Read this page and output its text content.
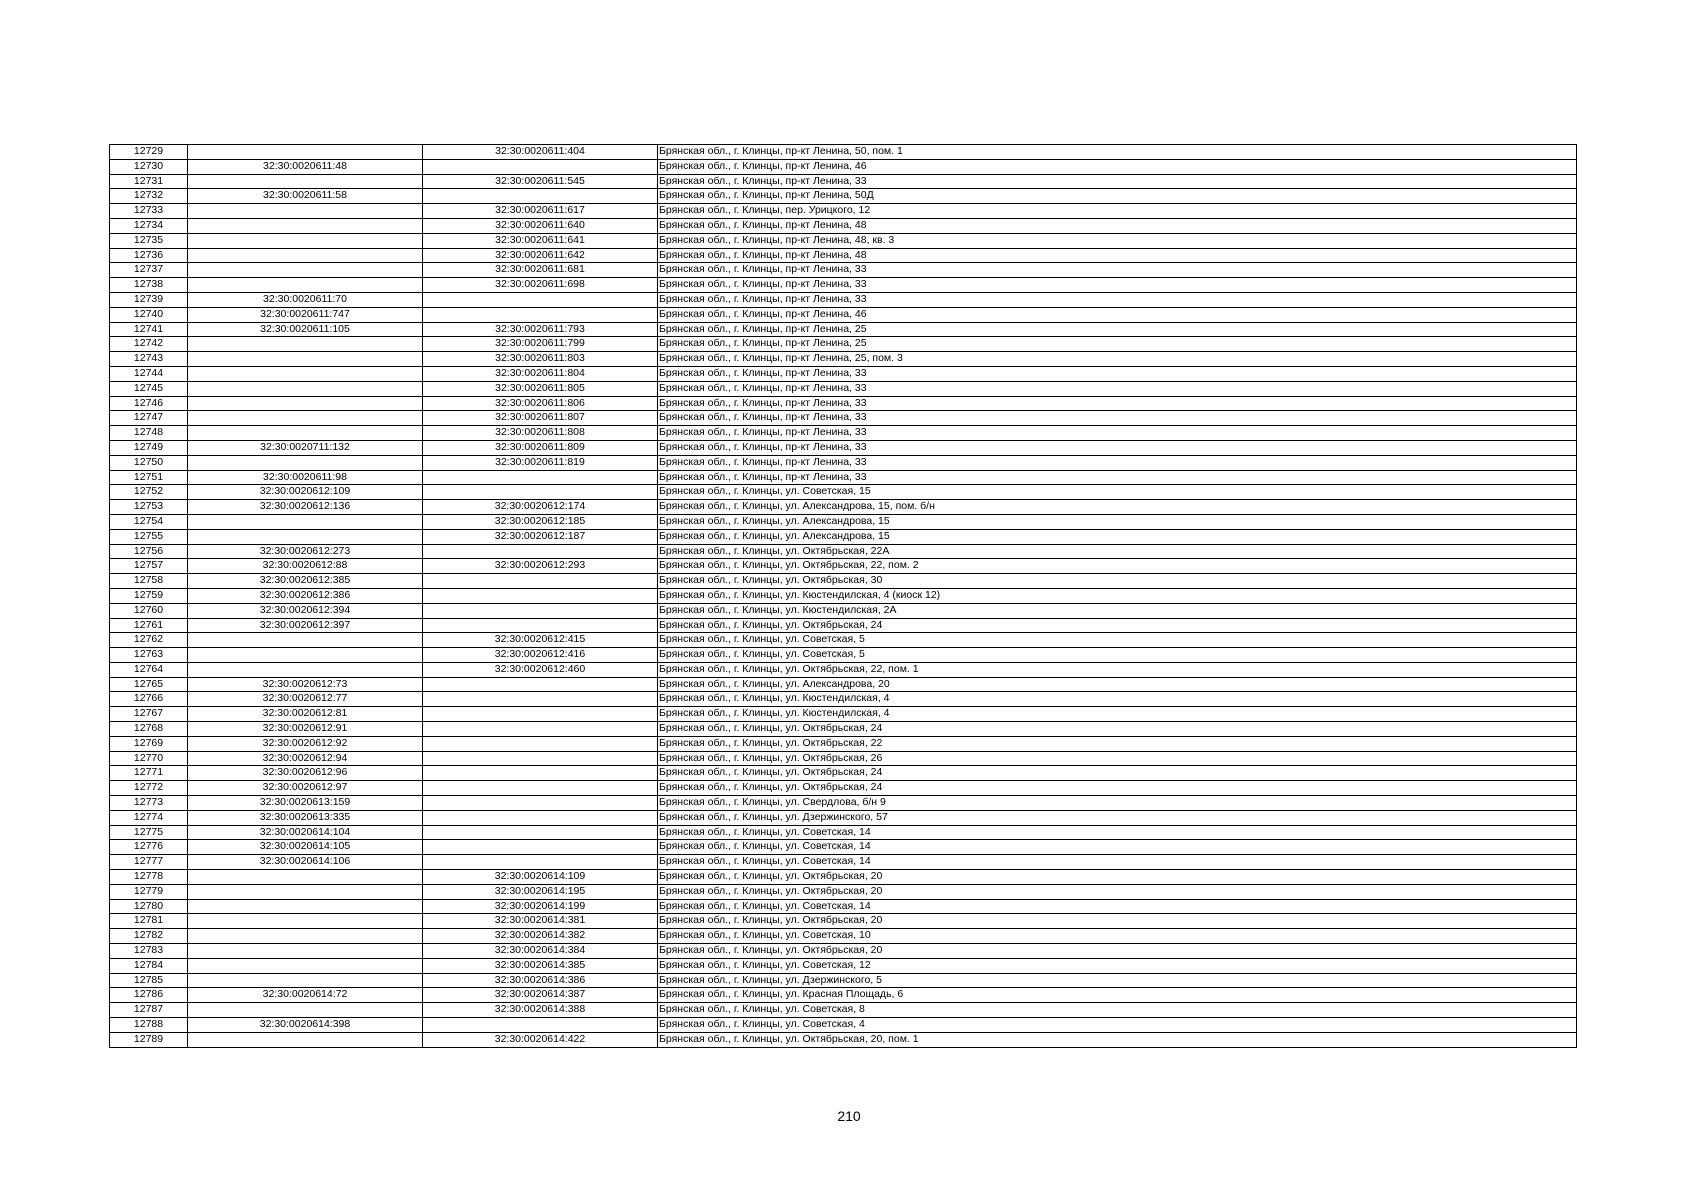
12729		32:30:0020611:404	Брянская обл., г. Клинцы, пр-кт Ленина, 50, пом. 1
12730	32:30:0020611:48		Брянская обл., г. Клинцы, пр-кт Ленина, 46
12731		32:30:0020611:545	Брянская обл., г. Клинцы, пр-кт Ленина, 33
12732	32:30:0020611:58		Брянская обл., г. Клинцы, пр-кт Ленина, 50Д
12733		32:30:0020611:617	Брянская обл., г. Клинцы, пер. Урицкого, 12
12734		32:30:0020611:640	Брянская обл., г. Клинцы, пр-кт Ленина, 48
12735		32:30:0020611:641	Брянская обл., г. Клинцы, пр-кт Ленина, 48, кв. 3
12736		32:30:0020611:642	Брянская обл., г. Клинцы, пр-кт Ленина, 48
12737		32:30:0020611:681	Брянская обл., г. Клинцы, пр-кт Ленина, 33
12738		32:30:0020611:698	Брянская обл., г. Клинцы, пр-кт Ленина, 33
12739	32:30:0020611:70		Брянская обл., г. Клинцы, пр-кт Ленина, 33
12740	32:30:0020611:747		Брянская обл., г. Клинцы, пр-кт Ленина, 46
12741	32:30:0020611:105	32:30:0020611:793	Брянская обл., г. Клинцы, пр-кт Ленина, 25
12742		32:30:0020611:799	Брянская обл., г. Клинцы, пр-кт Ленина, 25
12743		32:30:0020611:803	Брянская обл., г. Клинцы, пр-кт Ленина, 25, пом. 3
12744		32:30:0020611:804	Брянская обл., г. Клинцы, пр-кт Ленина, 33
12745		32:30:0020611:805	Брянская обл., г. Клинцы, пр-кт Ленина, 33
12746		32:30:0020611:806	Брянская обл., г. Клинцы, пр-кт Ленина, 33
12747		32:30:0020611:807	Брянская обл., г. Клинцы, пр-кт Ленина, 33
12748		32:30:0020611:808	Брянская обл., г. Клинцы, пр-кт Ленина, 33
12749	32:30:0020711:132	32:30:0020611:809	Брянская обл., г. Клинцы, пр-кт Ленина, 33
12750		32:30:0020611:819	Брянская обл., г. Клинцы, пр-кт Ленина, 33
12751	32:30:0020611:98		Брянская обл., г. Клинцы, пр-кт Ленина, 33
12752	32:30:0020612:109		Брянская обл., г. Клинцы, ул. Советская, 15
12753	32:30:0020612:136	32:30:0020612:174	Брянская обл., г. Клинцы, ул. Александрова, 15, пом. б/н
12754		32:30:0020612:185	Брянская обл., г. Клинцы, ул. Александрова, 15
12755		32:30:0020612:187	Брянская обл., г. Клинцы, ул. Александрова, 15
12756	32:30:0020612:273		Брянская обл., г. Клинцы, ул. Октябрьская, 22А
12757	32:30:0020612:88	32:30:0020612:293	Брянская обл., г. Клинцы, ул. Октябрьская, 22, пом. 2
12758	32:30:0020612:385		Брянская обл., г. Клинцы, ул. Октябрьская, 30
12759	32:30:0020612:386		Брянская обл., г. Клинцы, ул. Кюстендилская, 4 (киоск 12)
12760	32:30:0020612:394		Брянская обл., г. Клинцы, ул. Кюстендилская, 2А
12761	32:30:0020612:397		Брянская обл., г. Клинцы, ул. Октябрьская, 24
12762		32:30:0020612:415	Брянская обл., г. Клинцы, ул. Советская, 5
12763		32:30:0020612:416	Брянская обл., г. Клинцы, ул. Советская, 5
12764		32:30:0020612:460	Брянская обл., г. Клинцы, ул. Октябрьская, 22, пом. 1
12765	32:30:0020612:73		Брянская обл., г. Клинцы, ул. Александрова, 20
12766	32:30:0020612:77		Брянская обл., г. Клинцы, ул. Кюстендилская, 4
12767	32:30:0020612:81		Брянская обл., г. Клинцы, ул. Кюстендилская, 4
12768	32:30:0020612:91		Брянская обл., г. Клинцы, ул. Октябрьская, 24
12769	32:30:0020612:92		Брянская обл., г. Клинцы, ул. Октябрьская, 22
12770	32:30:0020612:94		Брянская обл., г. Клинцы, ул. Октябрьская, 26
12771	32:30:0020612:96		Брянская обл., г. Клинцы, ул. Октябрьская, 24
12772	32:30:0020612:97		Брянская обл., г. Клинцы, ул. Октябрьская, 24
12773	32:30:0020613:159		Брянская обл., г. Клинцы, ул. Свердлова, б/н 9
12774	32:30:0020613:335		Брянская обл., г. Клинцы, ул. Дзержинского, 57
12775	32:30:0020614:104		Брянская обл., г. Клинцы, ул. Советская, 14
12776	32:30:0020614:105		Брянская обл., г. Клинцы, ул. Советская, 14
12777	32:30:0020614:106		Брянская обл., г. Клинцы, ул. Советская, 14
12778		32:30:0020614:109	Брянская обл., г. Клинцы, ул. Октябрьская, 20
12779		32:30:0020614:195	Брянская обл., г. Клинцы, ул. Октябрьская, 20
12780		32:30:0020614:199	Брянская обл., г. Клинцы, ул. Советская, 14
12781		32:30:0020614:381	Брянская обл., г. Клинцы, ул. Октябрьская, 20
12782		32:30:0020614:382	Брянская обл., г. Клинцы, ул. Советская, 10
12783		32:30:0020614:384	Брянская обл., г. Клинцы, ул. Октябрьская, 20
12784		32:30:0020614:385	Брянская обл., г. Клинцы, ул. Советская, 12
12785		32:30:0020614:386	Брянская обл., г. Клинцы, ул. Дзержинского, 5
12786	32:30:0020614:72	32:30:0020614:387	Брянская обл., г. Клинцы, ул. Красная Площадь, 6
12787		32:30:0020614:388	Брянская обл., г. Клинцы, ул. Советская, 8
12788	32:30:0020614:398		Брянская обл., г. Клинцы, ул. Советская, 4
12789		32:30:0020614:422	Брянская обл., г. Клинцы, ул. Октябрьская, 20, пом. 1
210
